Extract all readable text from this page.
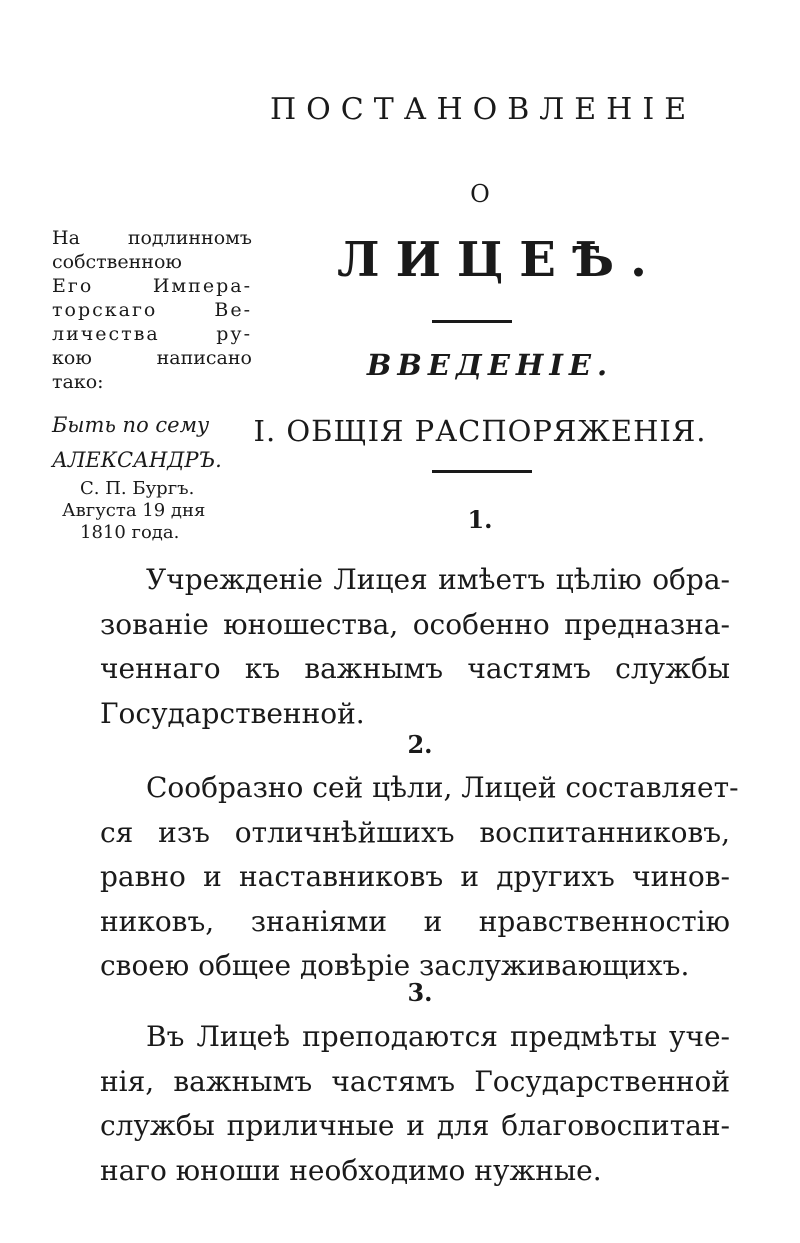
ПОСТАНОВЛЕНIЕ
О
ЛИЦЕѢ.
На подлинномъ
собственною
Его Импера-
торскаго Ве-
личества ру-
кою написано
тако:
Быть по сему
АЛЕКСАНДРЪ.
С. П. Бургъ.
Августа 19 дня
1810 года.
ВВЕДЕНIЕ.
I. ОБЩIЯ РАСПОРЯЖЕНIЯ.
1.
Учрежденiе Лицея имѣетъ цѣлiю обра-
зованiе юношества, особенно предназна-
ченнаго къ важнымъ частямъ службы
Государственной.
2.
Сообразно сей цѣли, Лицей составляет-
ся изъ отличнѣйшихъ воспитанниковъ,
равно и наставниковъ и другихъ чинов-
никовъ, знанiями и нравственностiю
своею общее довѣрiе заслуживающихъ.
3.
Въ Лицеѣ преподаются предмѣты уче-
нiя, важнымъ частямъ Государственной
службы приличные и для благовоспитан-
наго юноши необходимо нужные.
